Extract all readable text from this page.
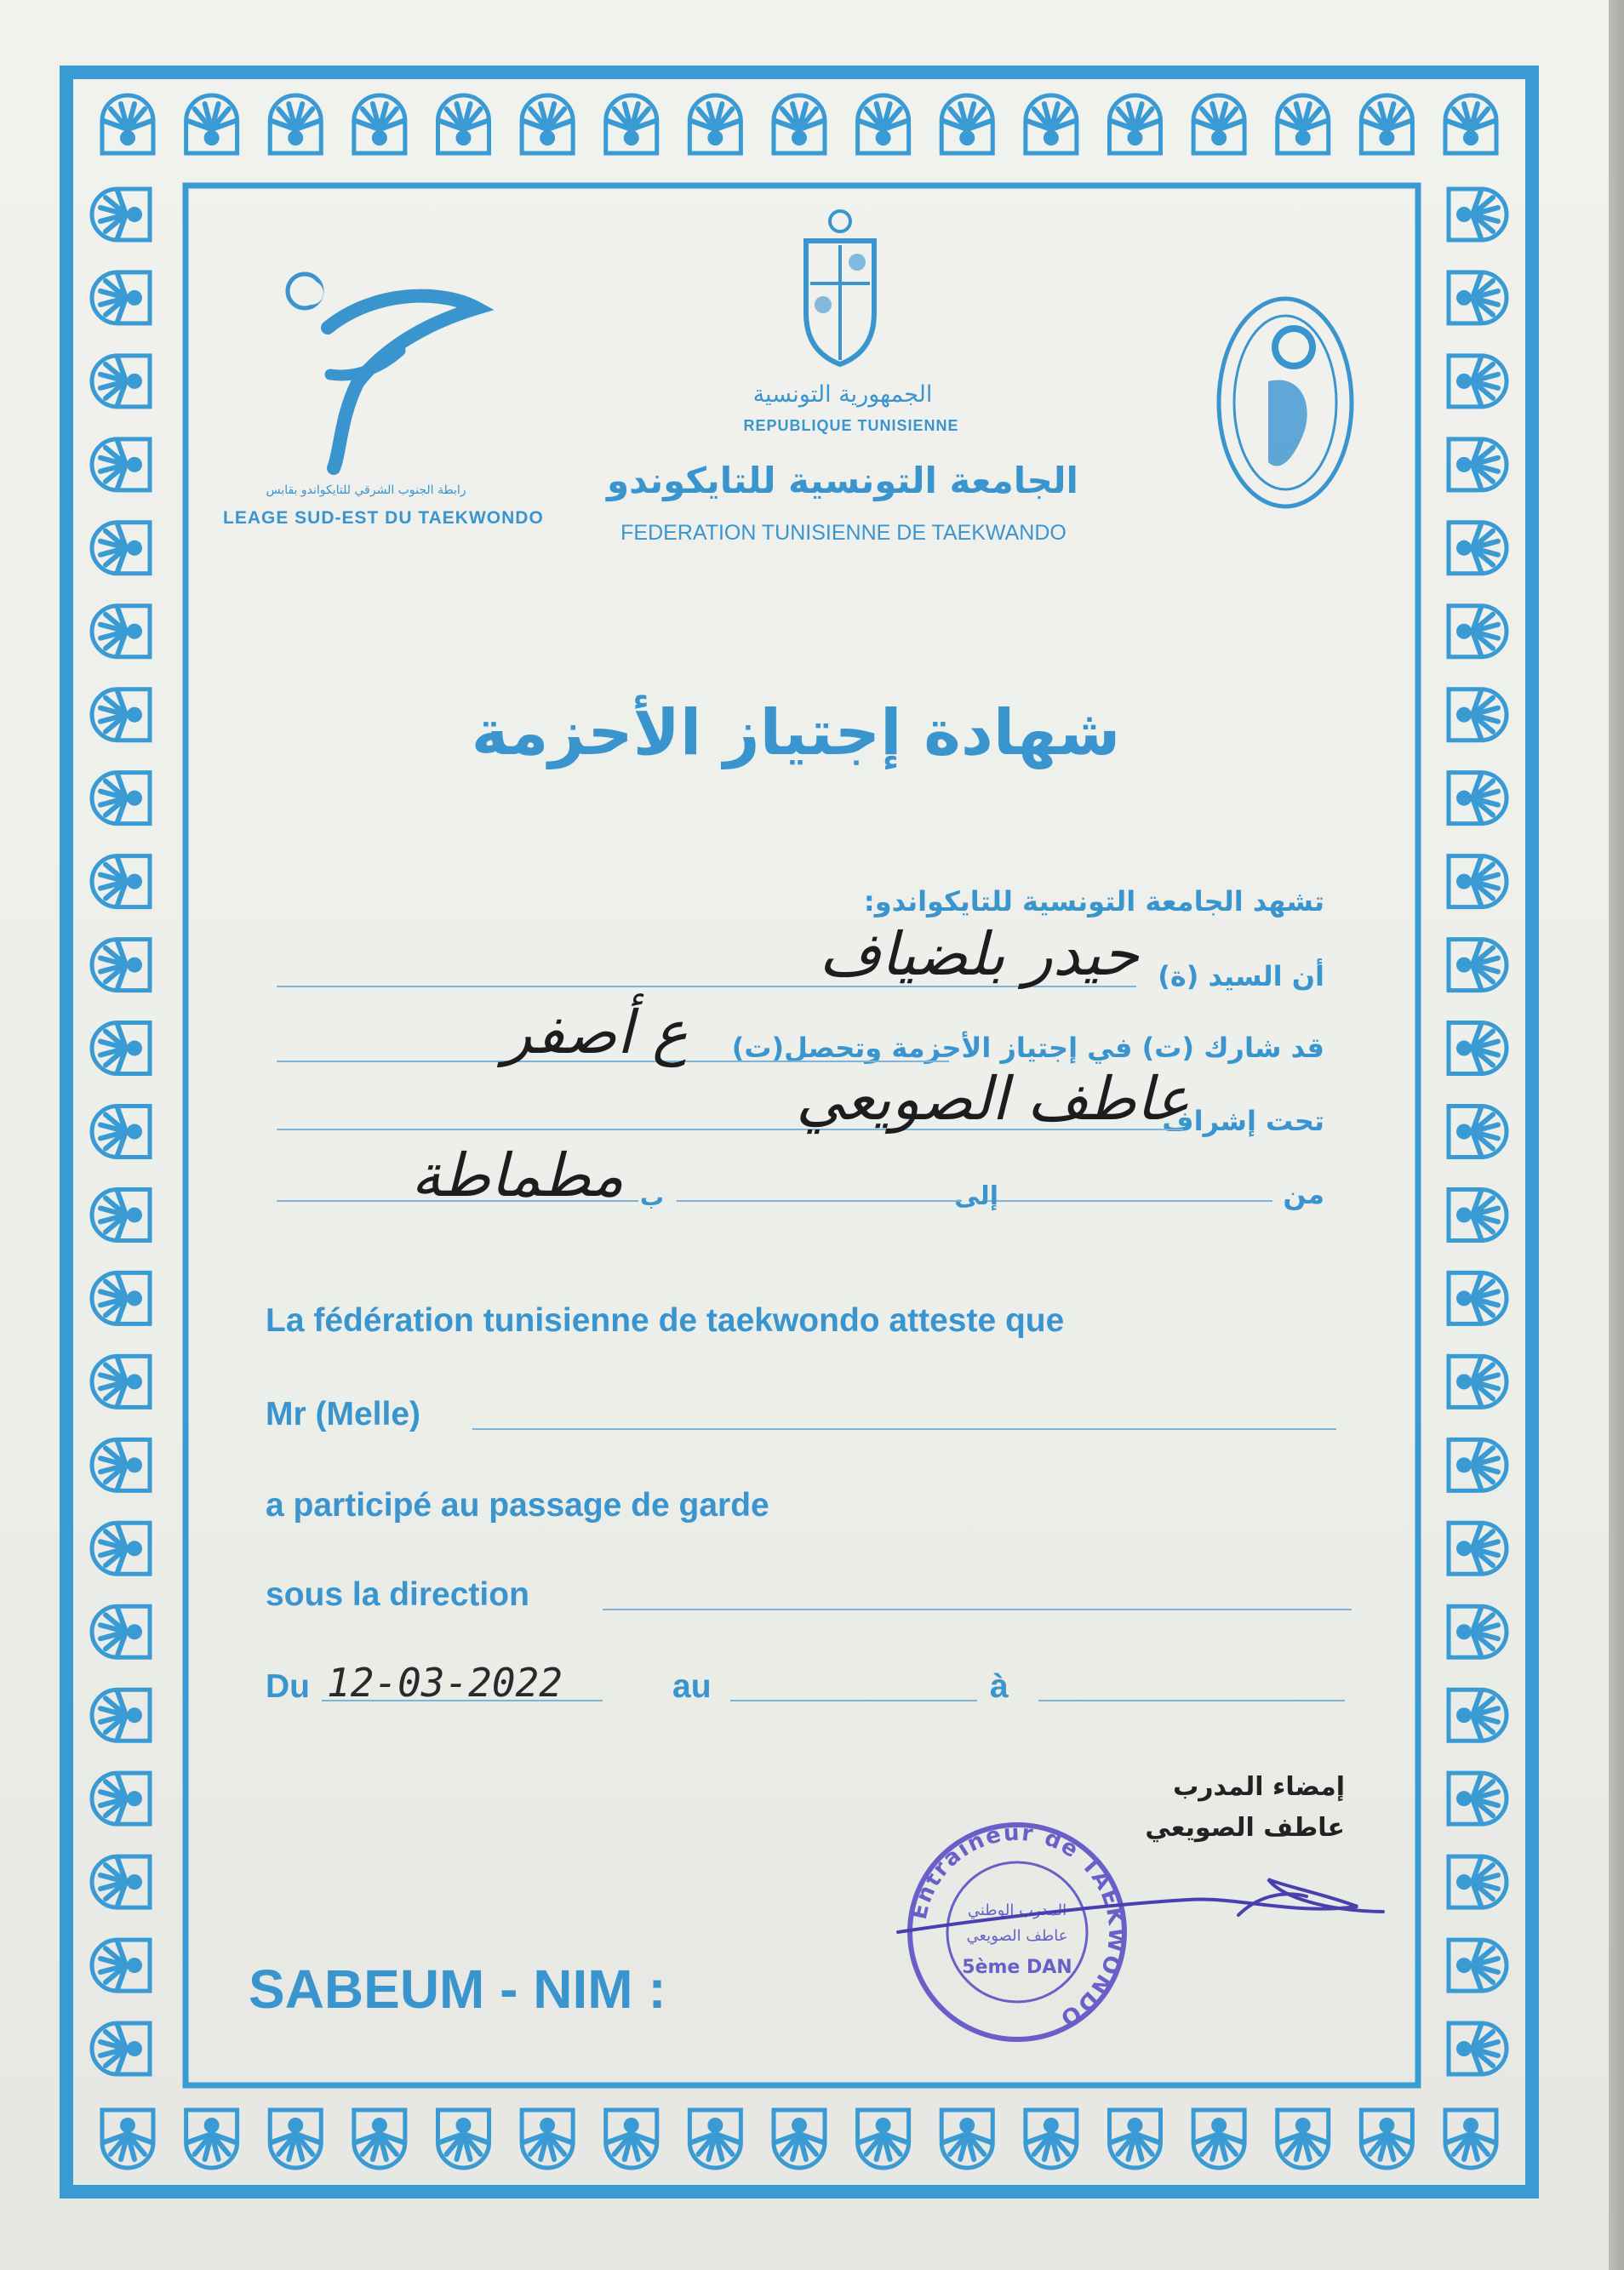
رابطة الجنوب الشرقي للتايكواندو بقابس
LEAGE SUD-EST DU TAEKWONDO
الجمهورية التونسية
REPUBLIQUE TUNISIENNE
الجامعة التونسية للتايكوندو
FEDERATION TUNISIENNE DE TAEKWANDO
شهادة إجتياز الأحزمة
تشهد الجامعة التونسية للتايكواندو:
أن السيد (ة)
حيدر بلضياف
قد شارك (ت) في إجتياز الأحزمة وتحصل(ت)
ع أصفر
تحت إشراف
عاطف الصويعي
من
إلى
ب
مطماطة
La fédération tunisienne de taekwondo atteste que
Mr (Melle)
a participé au passage de garde
sous la direction
Du 12-03-2022	au	à
إمضاء المدرب
عاطف الصويعي
Entraineur de TAEKWONDO
المدرب الوطني
عاطف الصويعي
5ème DAN
SABEUM - NIM :
